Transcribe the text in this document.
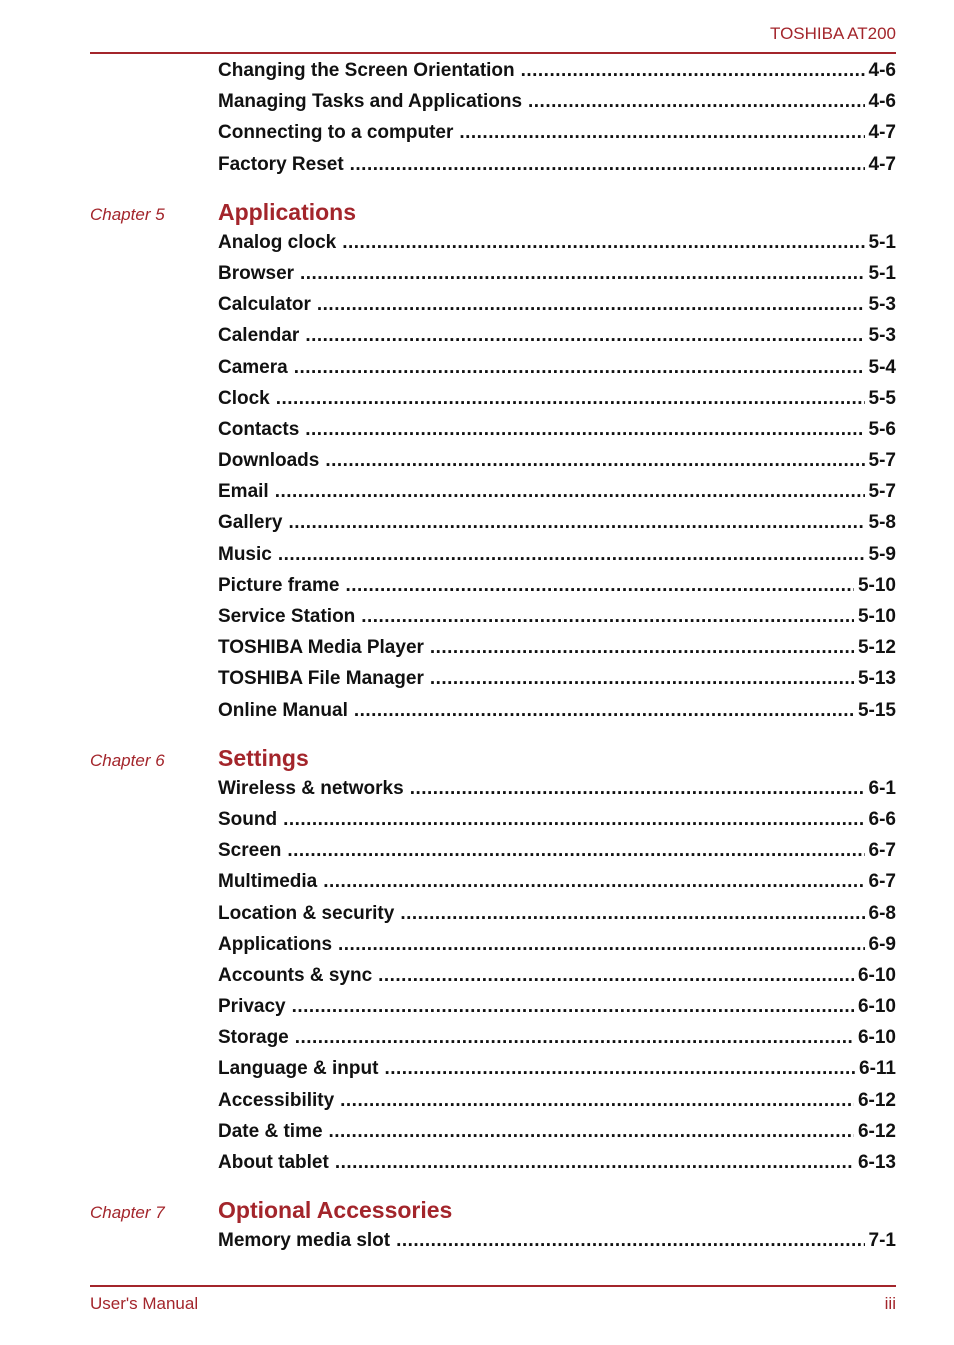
TOSHIBA AT200
Changing the Screen Orientation . . .	4-6
Managing Tasks and Applications . . .	4-6
Connecting to a computer . . .	4-7
Factory Reset . . .	4-7
Chapter 5 Applications
Analog clock . . .	5-1
Browser . . .	5-1
Calculator . . .	5-3
Calendar . . .	5-3
Camera . . .	5-4
Clock . . .	5-5
Contacts . . .	5-6
Downloads . . .	5-7
Email . . .	5-7
Gallery . . .	5-8
Music . . .	5-9
Picture frame . . .	5-10
Service Station . . .	5-10
TOSHIBA Media Player . . .	5-12
TOSHIBA File Manager . . .	5-13
Online Manual . . .	5-15
Chapter 6 Settings
Wireless & networks . . .	6-1
Sound . . .	6-6
Screen . . .	6-7
Multimedia . . .	6-7
Location & security . . .	6-8
Applications . . .	6-9
Accounts & sync . . .	6-10
Privacy . . .	6-10
Storage . . .	6-10
Language & input . . .	6-11
Accessibility . . .	6-12
Date & time . . .	6-12
About tablet . . .	6-13
Chapter 7 Optional Accessories
Memory media slot . . .	7-1
User's Manual	iii
